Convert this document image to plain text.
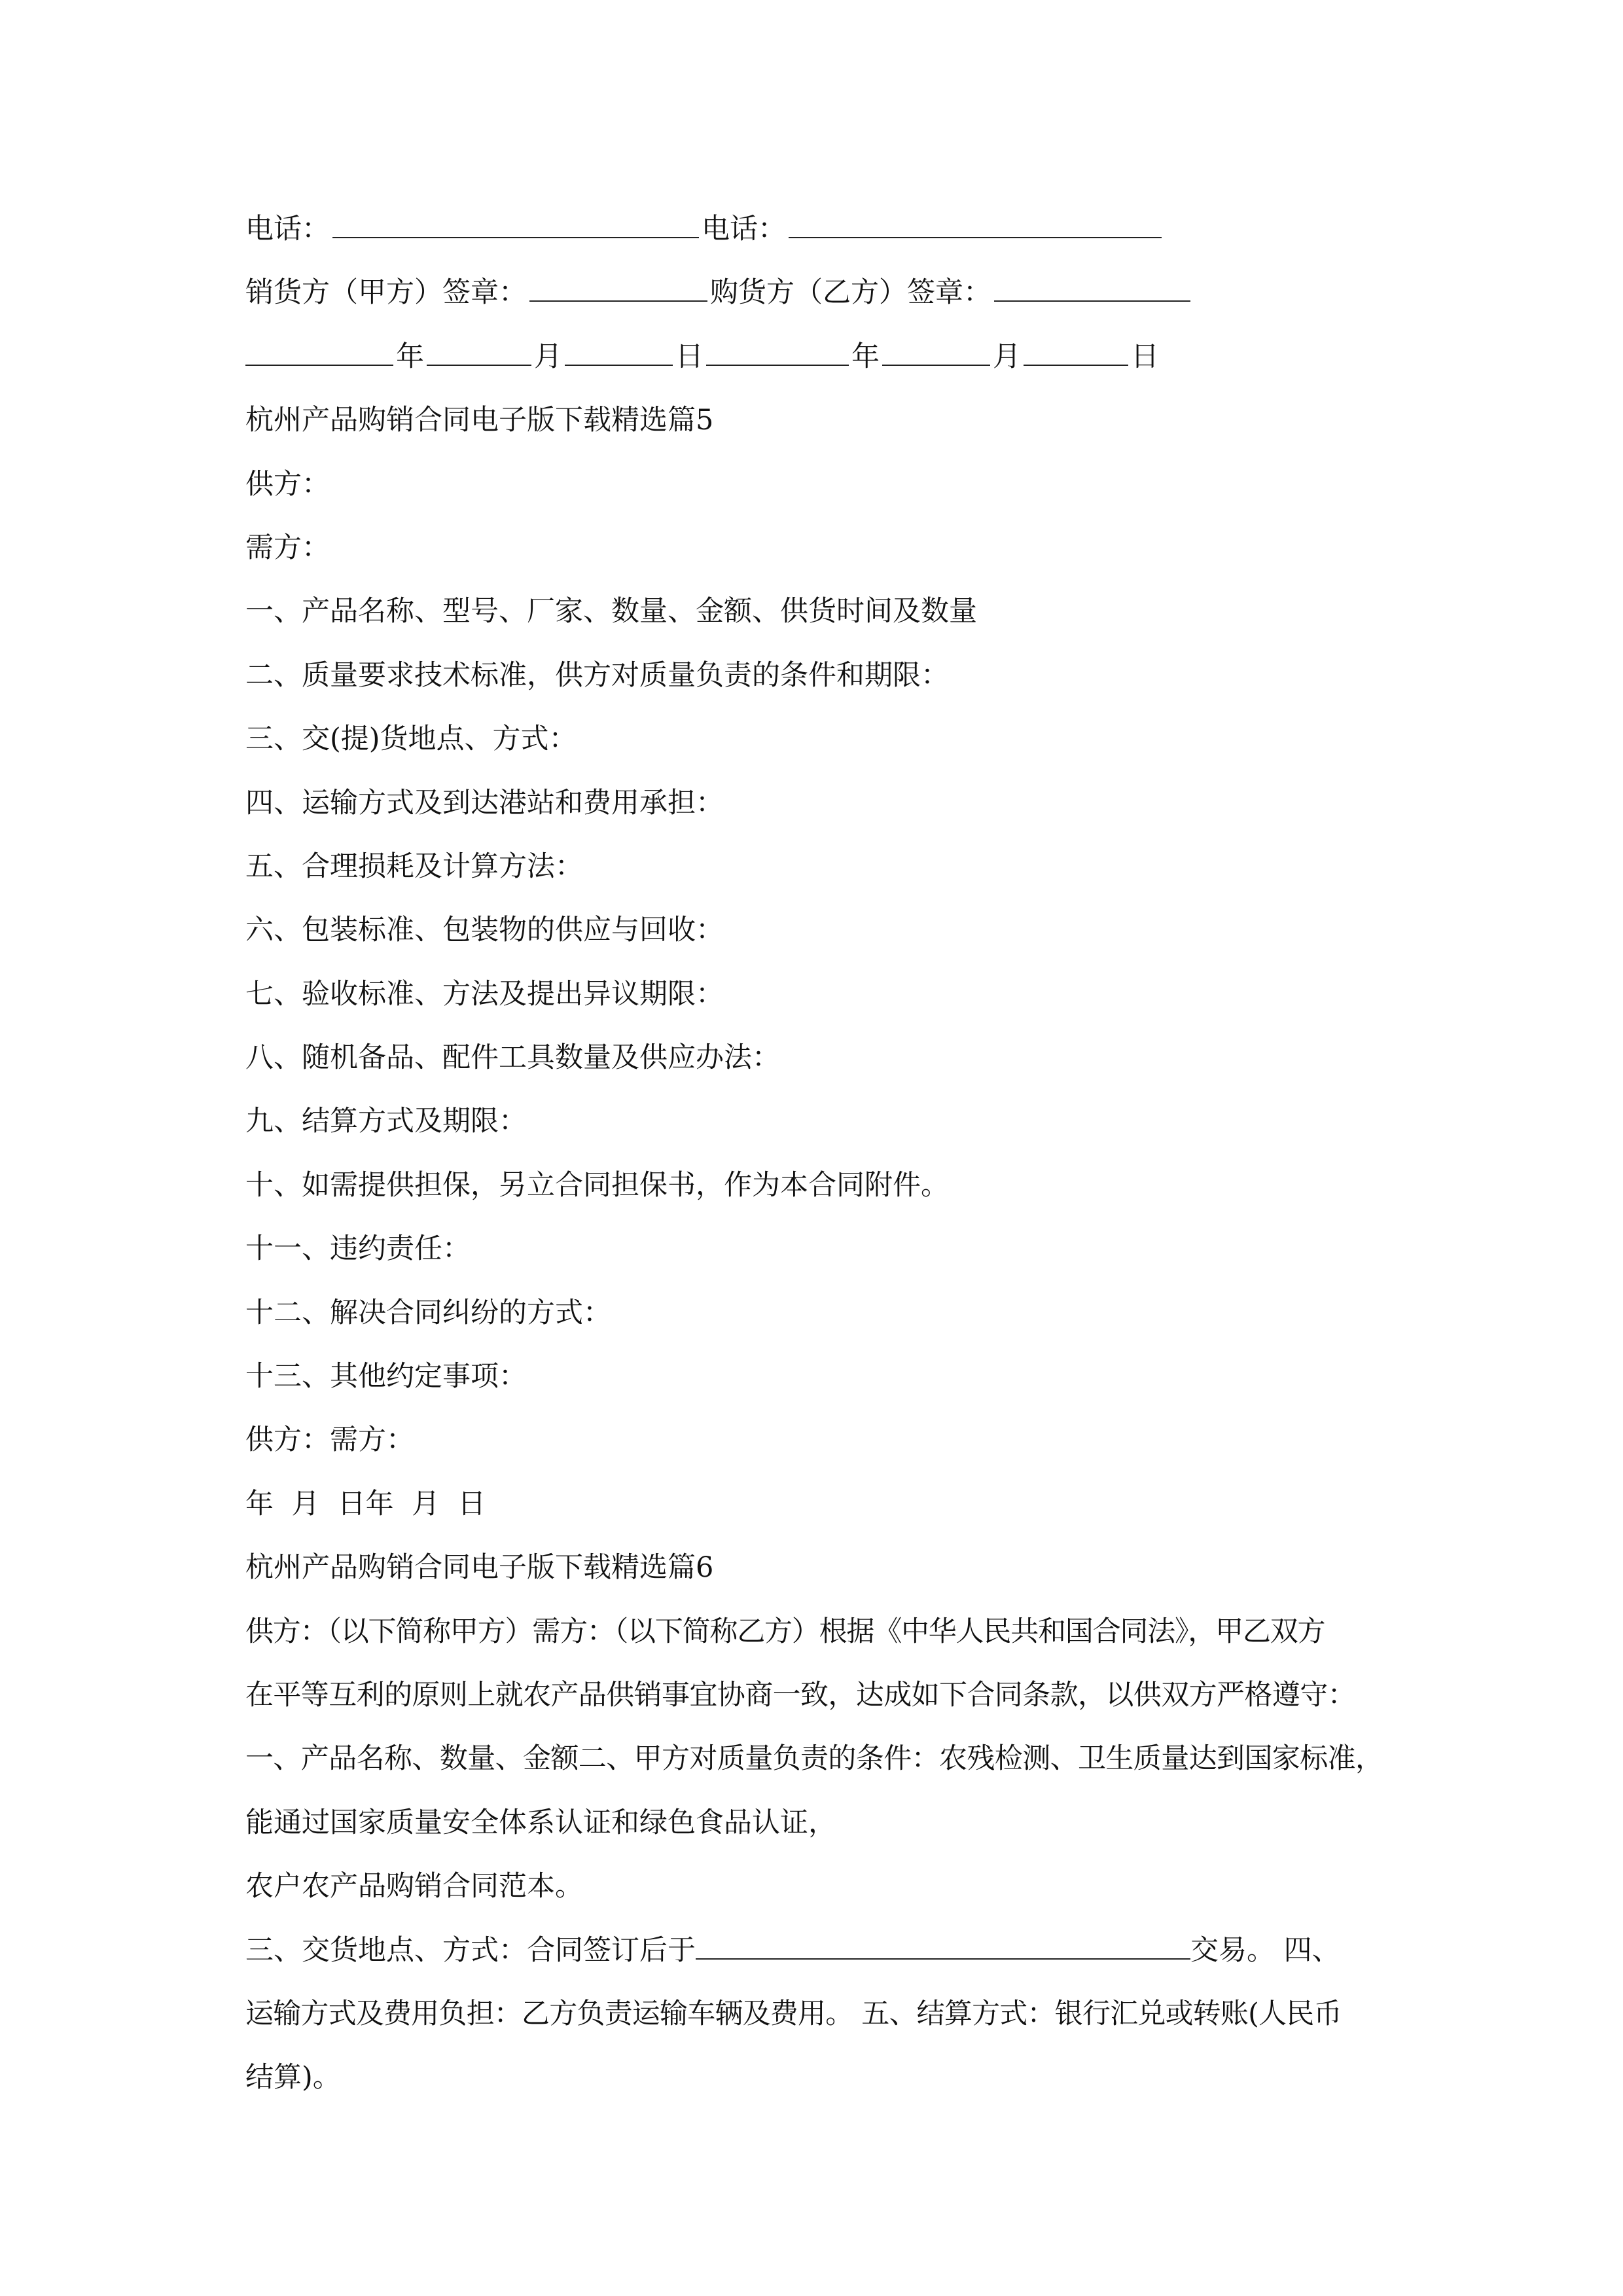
电话：	电话：
销货方（甲方）签章：	购货方（乙方）签章：
年	月	日	年	月	日
杭州产品购销合同电子版下载精选篇5
供方：
需方：
一、产品名称、型号、厂家、数量、金额、供货时间及数量
二、质量要求技术标准，供方对质量负责的条件和期限：
三、交(提)货地点、方式：
四、运输方式及到达港站和费用承担：
五、合理损耗及计算方法：
六、包装标准、包装物的供应与回收：
七、验收标准、方法及提出异议期限：
八、随机备品、配件工具数量及供应办法：
九、结算方式及期限：
十、如需提供担保，另立合同担保书，作为本合同附件。
十一、违约责任：
十二、解决合同纠纷的方式：
十三、其他约定事项：
供方：需方：
年  月  日年  月  日
杭州产品购销合同电子版下载精选篇6
供方：（以下简称甲方）需方：（以下简称乙方）根据《中华人民共和国合同法》，甲乙双方
在平等互利的原则上就农产品供销事宜协商一致，达成如下合同条款，以供双方严格遵守：
一、产品名称、数量、金额二、甲方对质量负责的条件：农残检测、卫生质量达到国家标准，
能通过国家质量安全体系认证和绿色食品认证，
农户农产品购销合同范本。
三、交货地点、方式：合同签订后于	交易。 四、
运输方式及费用负担：乙方负责运输车辆及费用。 五、结算方式：银行汇兑或转账(人民币
结算)。
